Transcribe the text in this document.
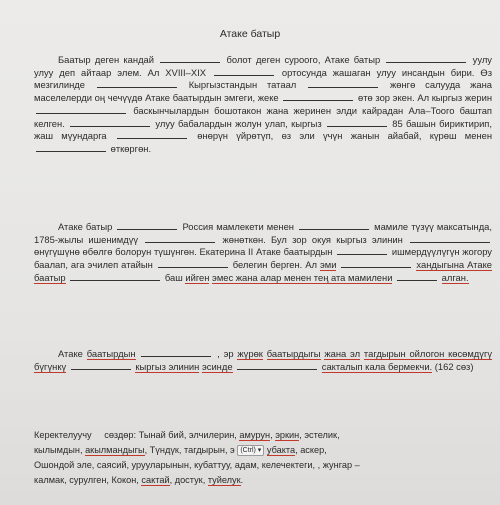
Атаке батыр
Баатыр деген кандай	болот деген суроого, Атаке батыр	уулу улуу деп айтаар элем. Ал XVIII–XIX	ортосунда жашаган улуу инсандын бири. Өз мезгилинде	Кыргызстандын татаал	жөнгө салууда жана маселелерди оң чечүүдө Атаке баатырдын эмгеги, жеке	өтө зор экен. Ал кыргыз жерин  баскынчылардын бошотакон жана жеринен элди кайрадан Ала–Тоого баштап келген.	улуу бабалардын жолун улап, кыргыз	85 башын бириктирип, жаш мүундарга	өнөрүн үйрөтүп, өз эли үчүн жанын айабай, күрөш менен  өткөргөн.
Атаке батыр	Россия мамлекети менен	мамиле түзүү максатында, 1785-жылы ишенимдүү	жөнөткөн. Бул зор окуя кыргыз элинин  өнүгүшүнө өбөлгө болорун түшүнгөн. Екатерина II Атаке баатырдын	ишмердүүлүгүн жогору баалап, ага эчилеп атайын	белегин берген. Ал эми	хандыгына Атаке баатыр	баш ийген эмес жана алар менен тең ата мамилени	алган.
Атаке баатырдын	, эр жүрөк баатырдыгы жана эл тагдырын ойлогон көсөмдүгү бүгүнкү	кыргыз элинин эсинде	сакталып кала бермекчи. (162 сөз)
Керектелуучу сөздөр: Тынай бий, элчилерин, амурун, эркин, эстелик,
кылымдын, акылмандыгы, Түндүк, тагдырын, э (Ctrl) ▾ убакта, аскер,
Ошондой эле, саясий, урууларынын, кубаттуу, адам, келечектеги, , жунгар –
калмак, сурулген, Кокон, сактай, достук, туйелук.
